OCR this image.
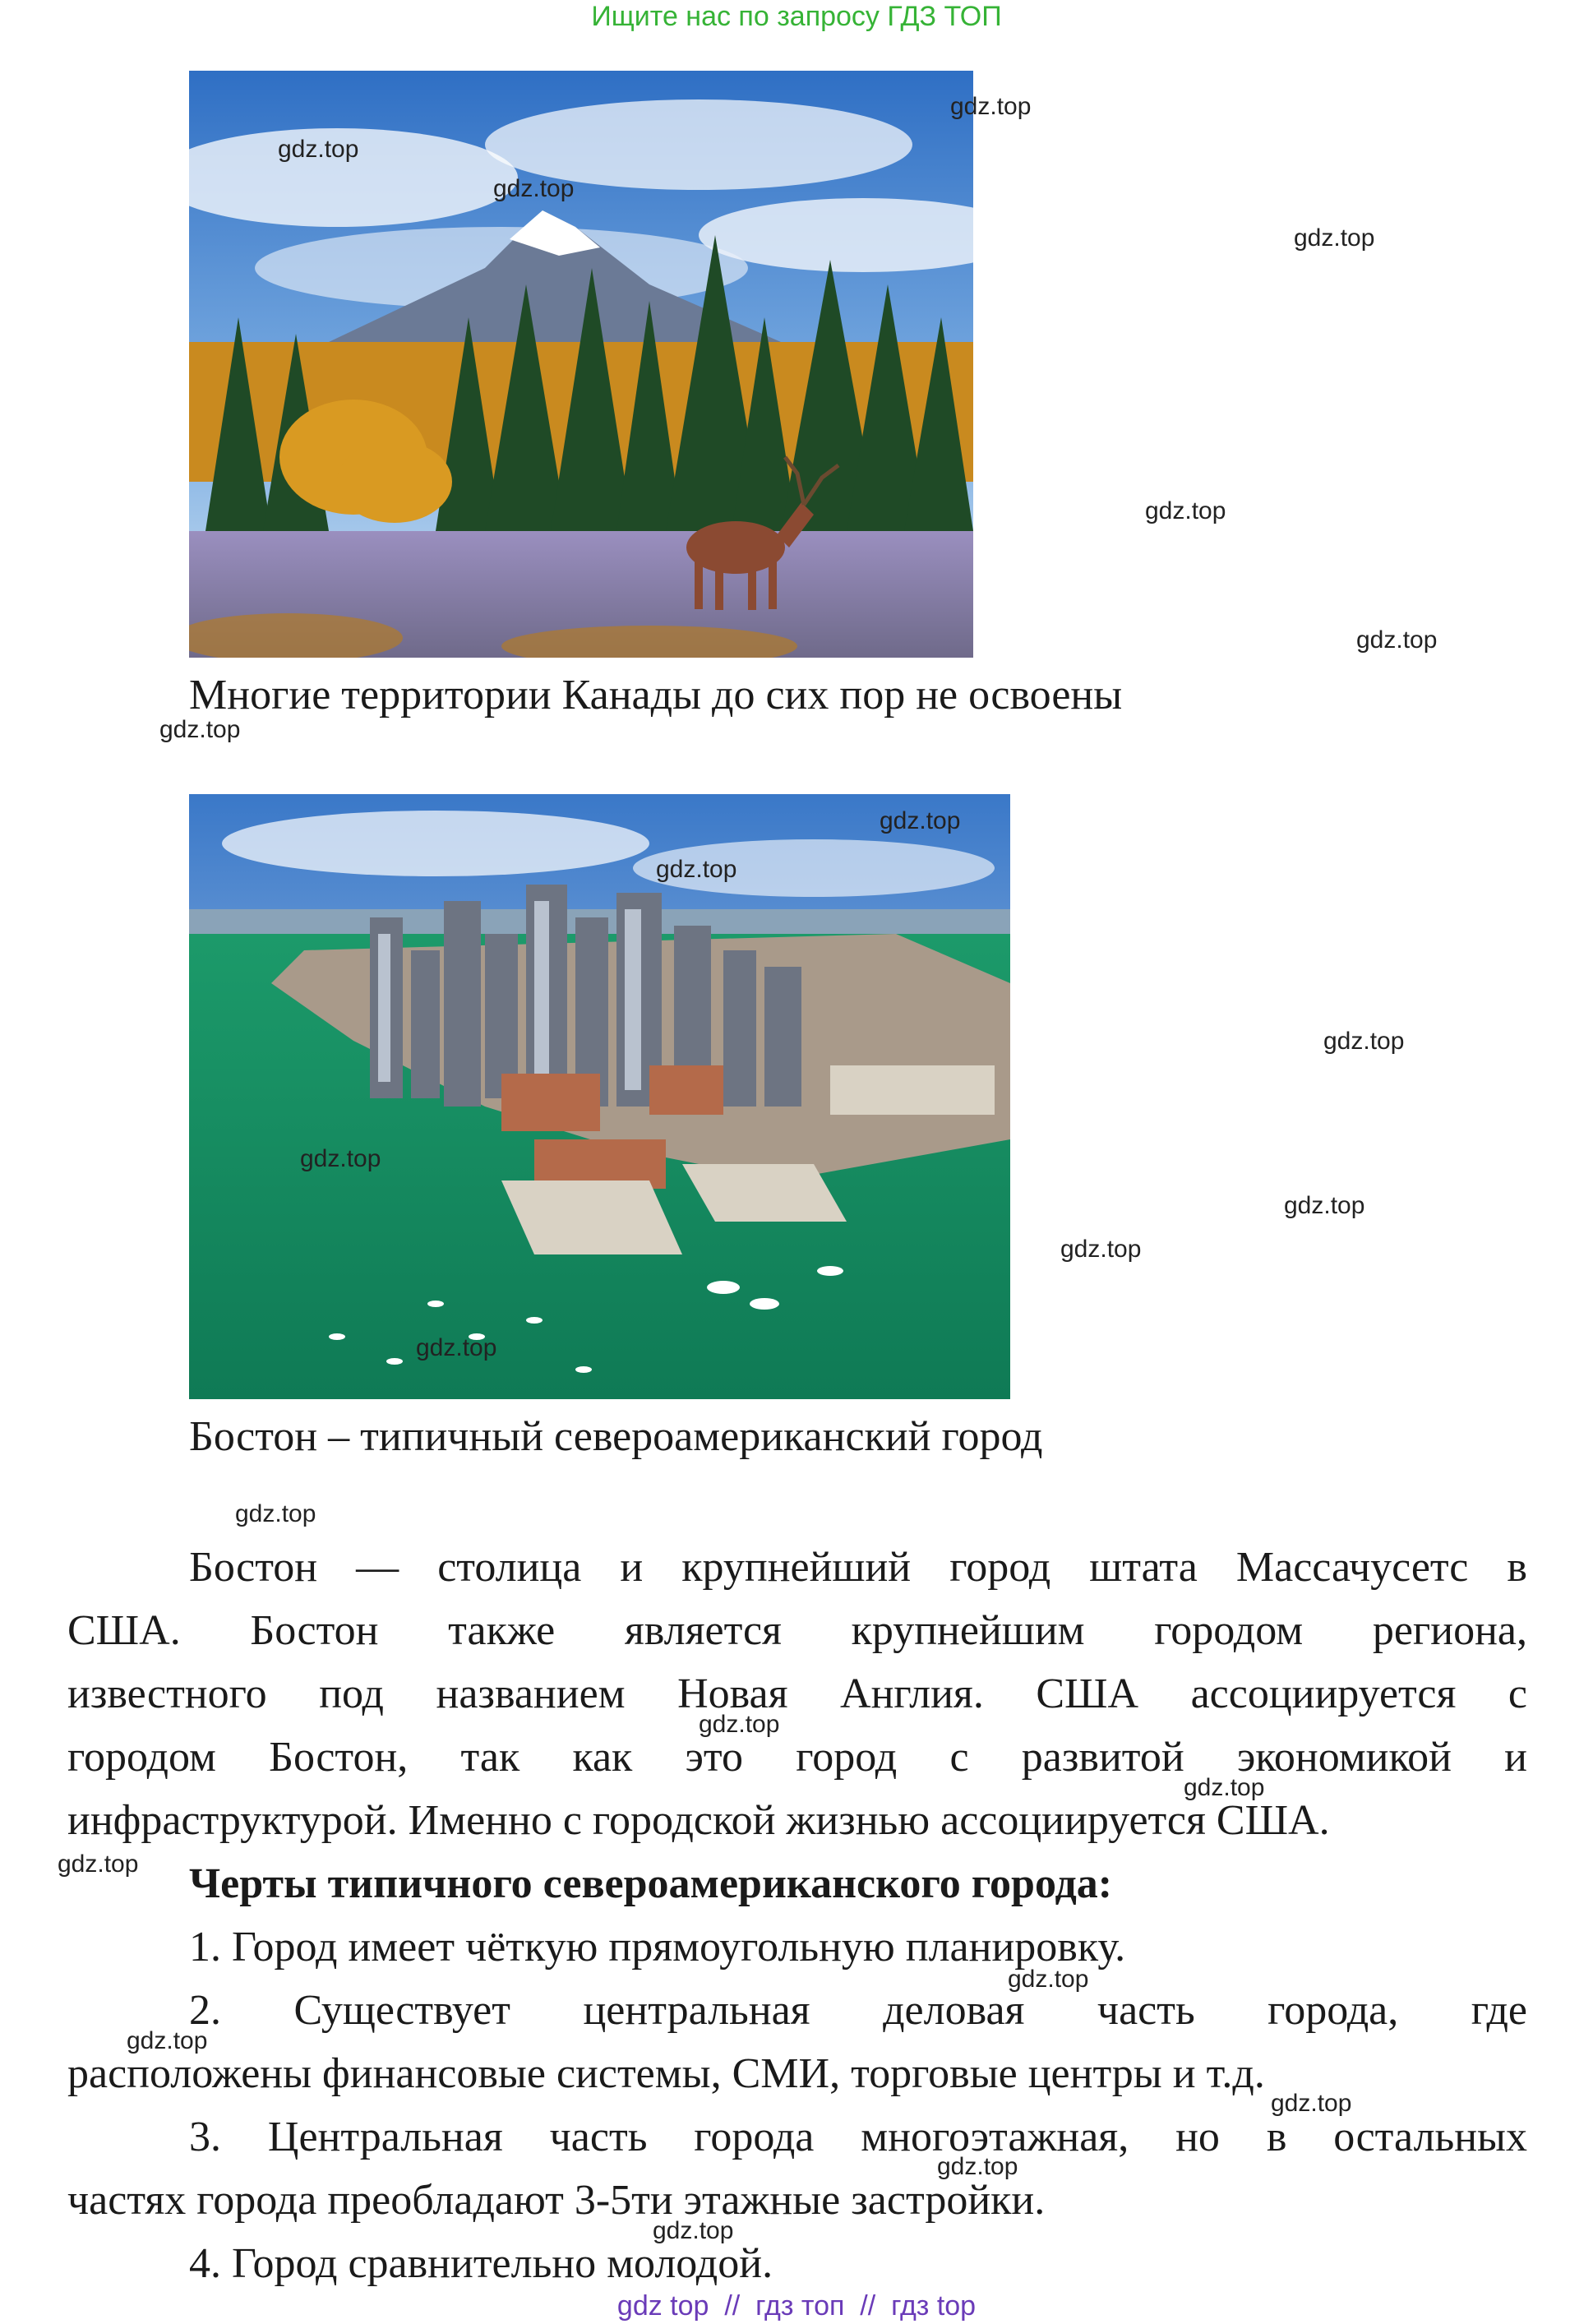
Ищите нас по запросу ГДЗ ТОП
Многие территории Канады до сих пор не освоены
Бостон – типичный североамериканский город
Бостон — столица и крупнейший город штата Массачусетс в
США. Бостон также является крупнейшим городом региона,
известного под названием Новая Англия. США ассоциируется с
городом Бостон, так как это город с развитой экономикой и
инфраструктурой. Именно с городской жизнью ассоциируется США.
Черты типичного североамериканского города:
1. Город имеет чёткую прямоугольную планировку.
2. Существует центральная деловая часть города, где
расположены финансовые системы, СМИ, торговые центры и т.д.
3. Центральная часть города многоэтажная, но в остальных
частях города преобладают 3-5ти этажные застройки.
4. Город сравнительно молодой.
gdz.top
gdz.top
gdz.top
gdz.top
gdz.top
gdz.top
gdz.top
gdz.top
gdz.top
gdz.top
gdz.top
gdz.top
gdz.top
gdz.top
gdz.top
gdz.top
gdz.top
gdz.top
gdz.top
gdz.top
gdz.top
gdz.top
gdz.top
gdz top  //  гдз топ  //  гдз top
